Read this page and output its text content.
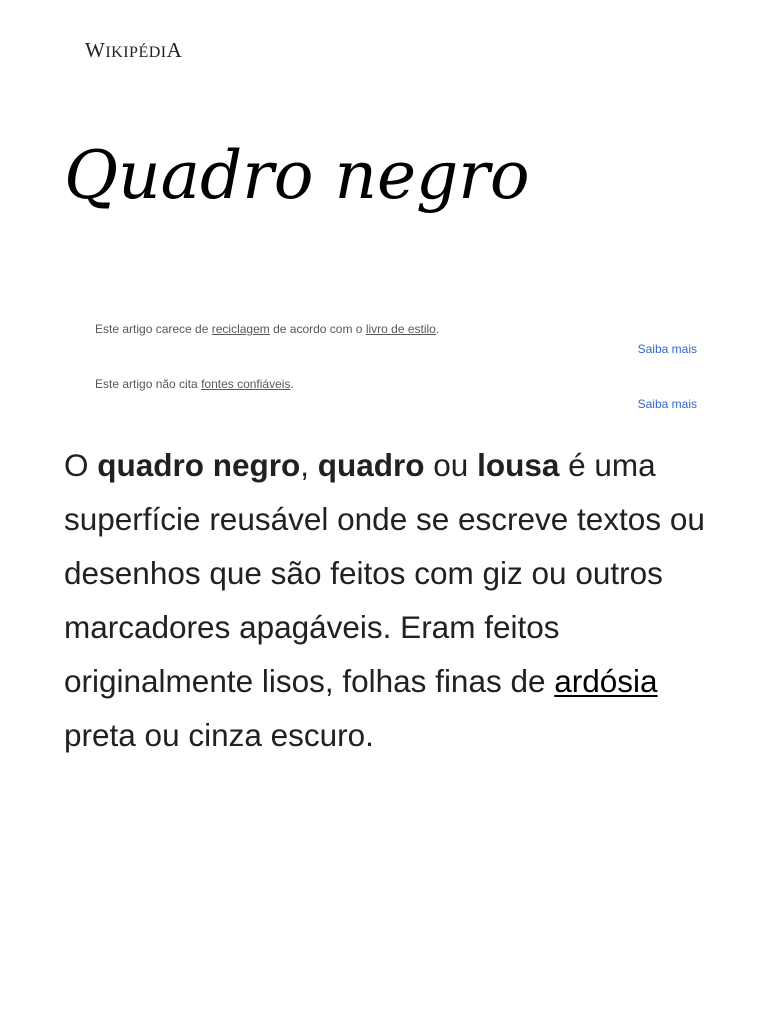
WIKIPÉDIA
Quadro negro
Este artigo carece de reciclagem de acordo com o livro de estilo.
Saiba mais
Este artigo não cita fontes confiáveis.
Saiba mais

O quadro negro, quadro ou lousa é uma superfície reusável onde se escreve textos ou desenhos que são feitos com giz ou outros marcadores apagáveis. Eram feitos originalmente lisos, folhas finas de ardósia preta ou cinza escuro.
